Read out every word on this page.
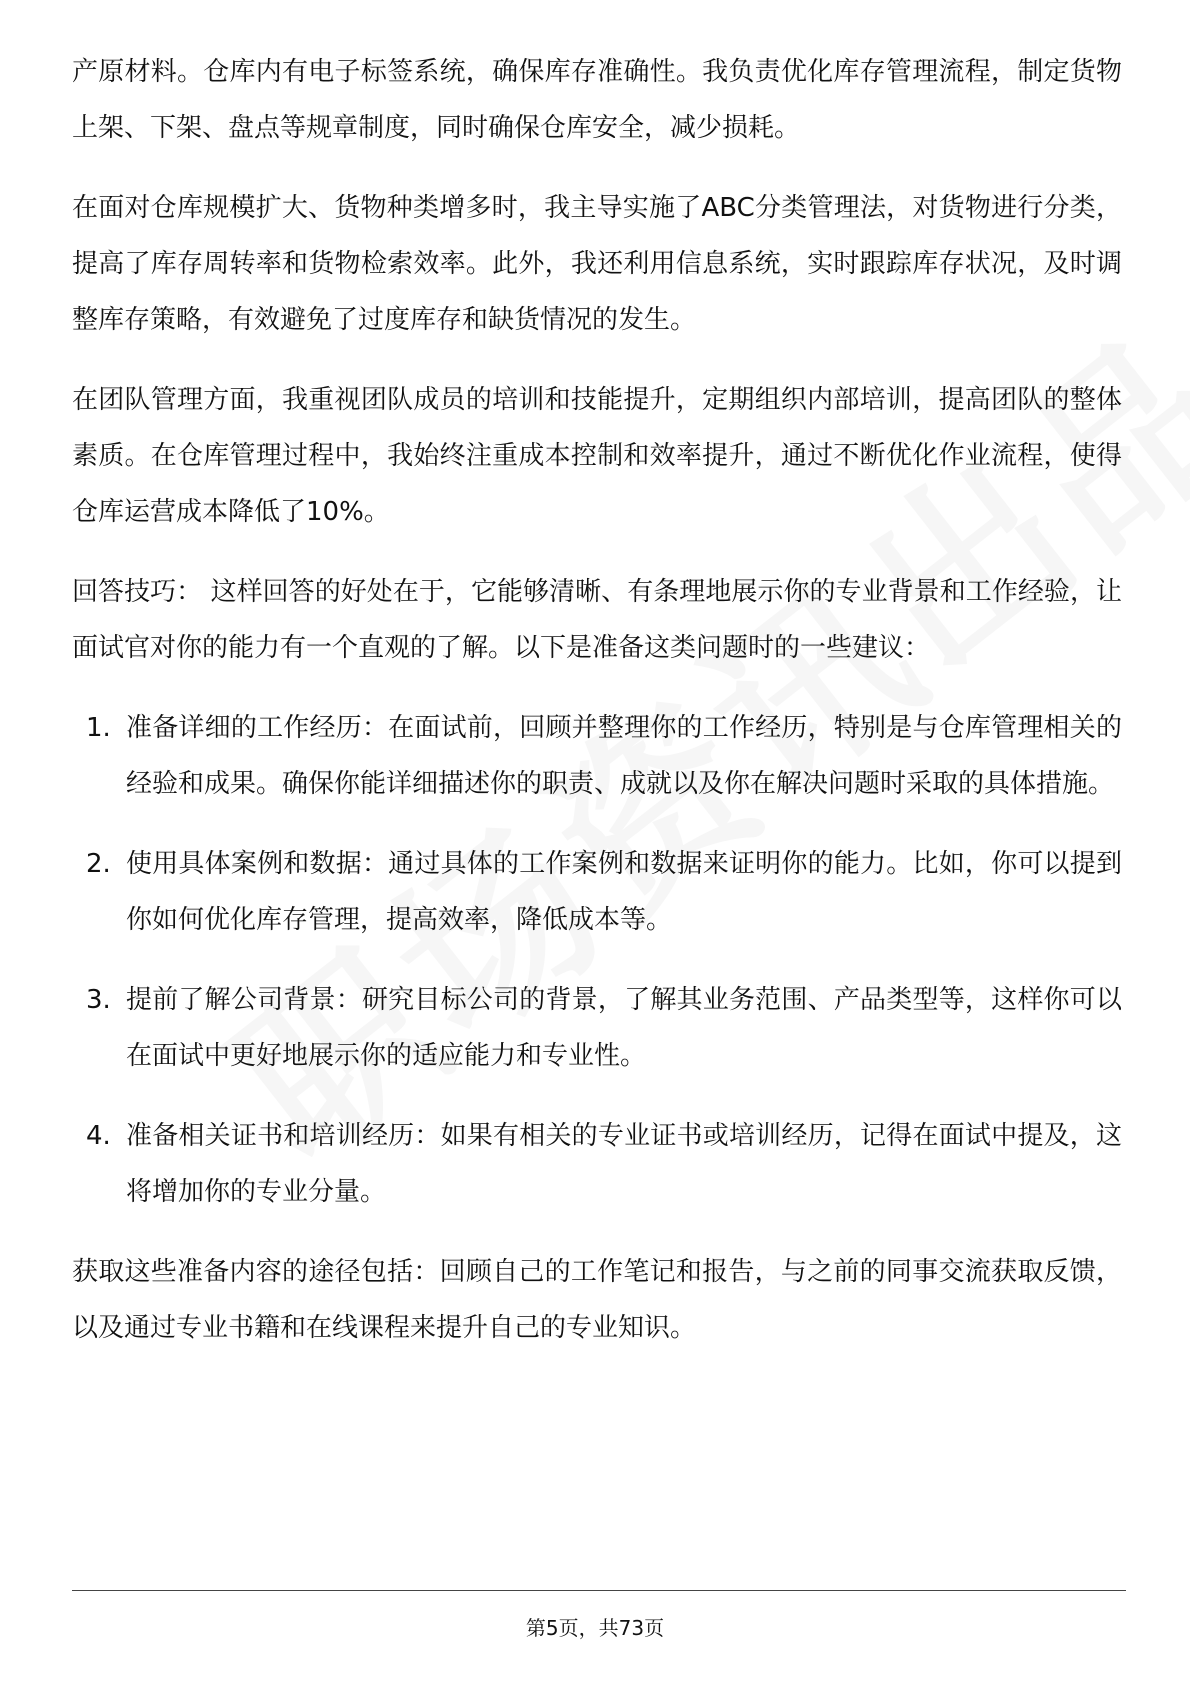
产原材料。仓库内有电子标签系统，确保库存准确性。我负责优化库存管理流程，制定货物上架、下架、盘点等规章制度，同时确保仓库安全，减少损耗。

在面对仓库规模扩大、货物种类增多时，我主导实施了ABC分类管理法，对货物进行分类，提高了库存周转率和货物检索效率。此外，我还利用信息系统，实时跟踪库存状况，及时调整库存策略，有效避免了过度库存和缺货情况的发生。

在团队管理方面，我重视团队成员的培训和技能提升，定期组织内部培训，提高团队的整体素质。在仓库管理过程中，我始终注重成本控制和效率提升，通过不断优化作业流程，使得仓库运营成本降低了10%。

回答技巧： 这样回答的好处在于，它能够清晰、有条理地展示你的专业背景和工作经验，让面试官对你的能力有一个直观的了解。以下是准备这类问题时的一些建议：

1. 准备详细的工作经历：在面试前，回顾并整理你的工作经历，特别是与仓库管理相关的经验和成果。确保你能详细描述你的职责、成就以及你在解决问题时采取的具体措施。
2. 使用具体案例和数据：通过具体的工作案例和数据来证明你的能力。比如，你可以提到你如何优化库存管理，提高效率，降低成本等。
3. 提前了解公司背景：研究目标公司的背景，了解其业务范围、产品类型等，这样你可以在面试中更好地展示你的适应能力和专业性。
4. 准备相关证书和培训经历：如果有相关的专业证书或培训经历，记得在面试中提及，这将增加你的专业分量。

获取这些准备内容的途径包括：回顾自己的工作笔记和报告，与之前的同事交流获取反馈，以及通过专业书籍和在线课程来提升自己的专业知识。

第5页，共73页
